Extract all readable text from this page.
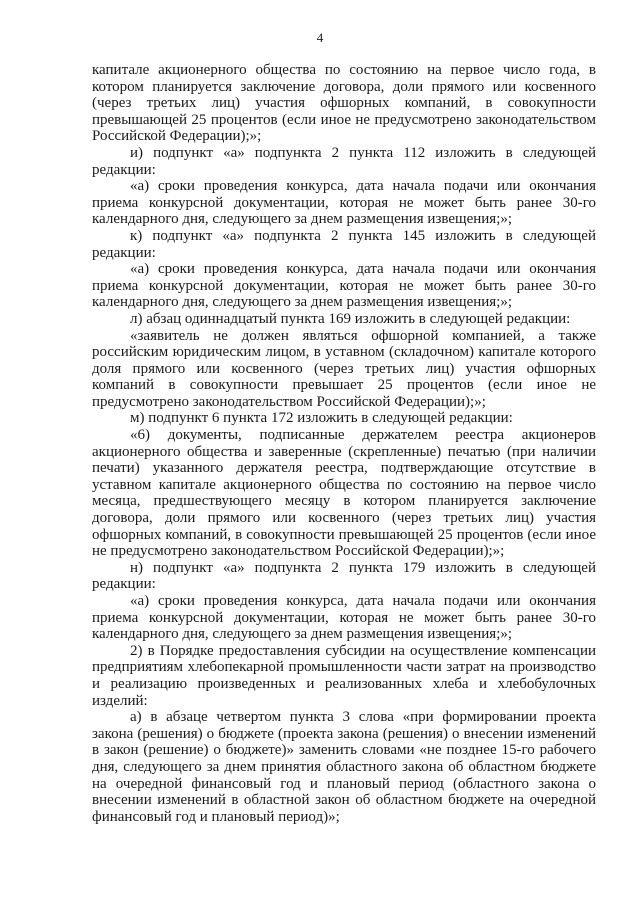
4

капитале акционерного общества по состоянию на первое число года, в котором планируется заключение договора, доли прямого или косвенного (через третьих лиц) участия офшорных компаний, в совокупности превышающей 25 процентов (если иное не предусмотрено законодательством Российской Федерации);»;

и) подпункт «а» подпункта 2 пункта 112 изложить в следующей редакции:

«а) сроки проведения конкурса, дата начала подачи или окончания приема конкурсной документации, которая не может быть ранее 30-го календарного дня, следующего за днем размещения извещения;»;

к) подпункт «а» подпункта 2 пункта 145 изложить в следующей редакции:

«а) сроки проведения конкурса, дата начала подачи или окончания приема конкурсной документации, которая не может быть ранее 30-го календарного дня, следующего за днем размещения извещения;»;

л) абзац одиннадцатый пункта 169 изложить в следующей редакции:

«заявитель не должен являться офшорной компанией, а также российским юридическим лицом, в уставном (складочном) капитале которого доля прямого или косвенного (через третьих лиц) участия офшорных компаний в совокупности превышает 25 процентов (если иное не предусмотрено законодательством Российской Федерации);»;

м) подпункт 6 пункта 172 изложить в следующей редакции:

«6) документы, подписанные держателем реестра акционеров акционерного общества и заверенные (скрепленные) печатью (при наличии печати) указанного держателя реестра, подтверждающие отсутствие в уставном капитале акционерного общества по состоянию на первое число месяца, предшествующего месяцу в котором планируется заключение договора, доли прямого или косвенного (через третьих лиц) участия офшорных компаний, в совокупности превышающей 25 процентов (если иное не предусмотрено законодательством Российской Федерации);»;

н) подпункт «а» подпункта 2 пункта 179 изложить в следующей редакции:

«а) сроки проведения конкурса, дата начала подачи или окончания приема конкурсной документации, которая не может быть ранее 30-го календарного дня, следующего за днем размещения извещения;»;

2) в Порядке предоставления субсидии на осуществление компенсации предприятиям хлебопекарной промышленности части затрат на производство и реализацию произведенных и реализованных хлеба и хлебобулочных изделий:

а) в абзаце четвертом пункта 3 слова «при формировании проекта закона (решения) о бюджете (проекта закона (решения) о внесении изменений в закон (решение) о бюджете)» заменить словами «не позднее 15-го рабочего дня, следующего за днем принятия областного закона об областном бюджете на очередной финансовый год и плановый период (областного закона о внесении изменений в областной закон об областном бюджете на очередной финансовый год и плановый период)»;
